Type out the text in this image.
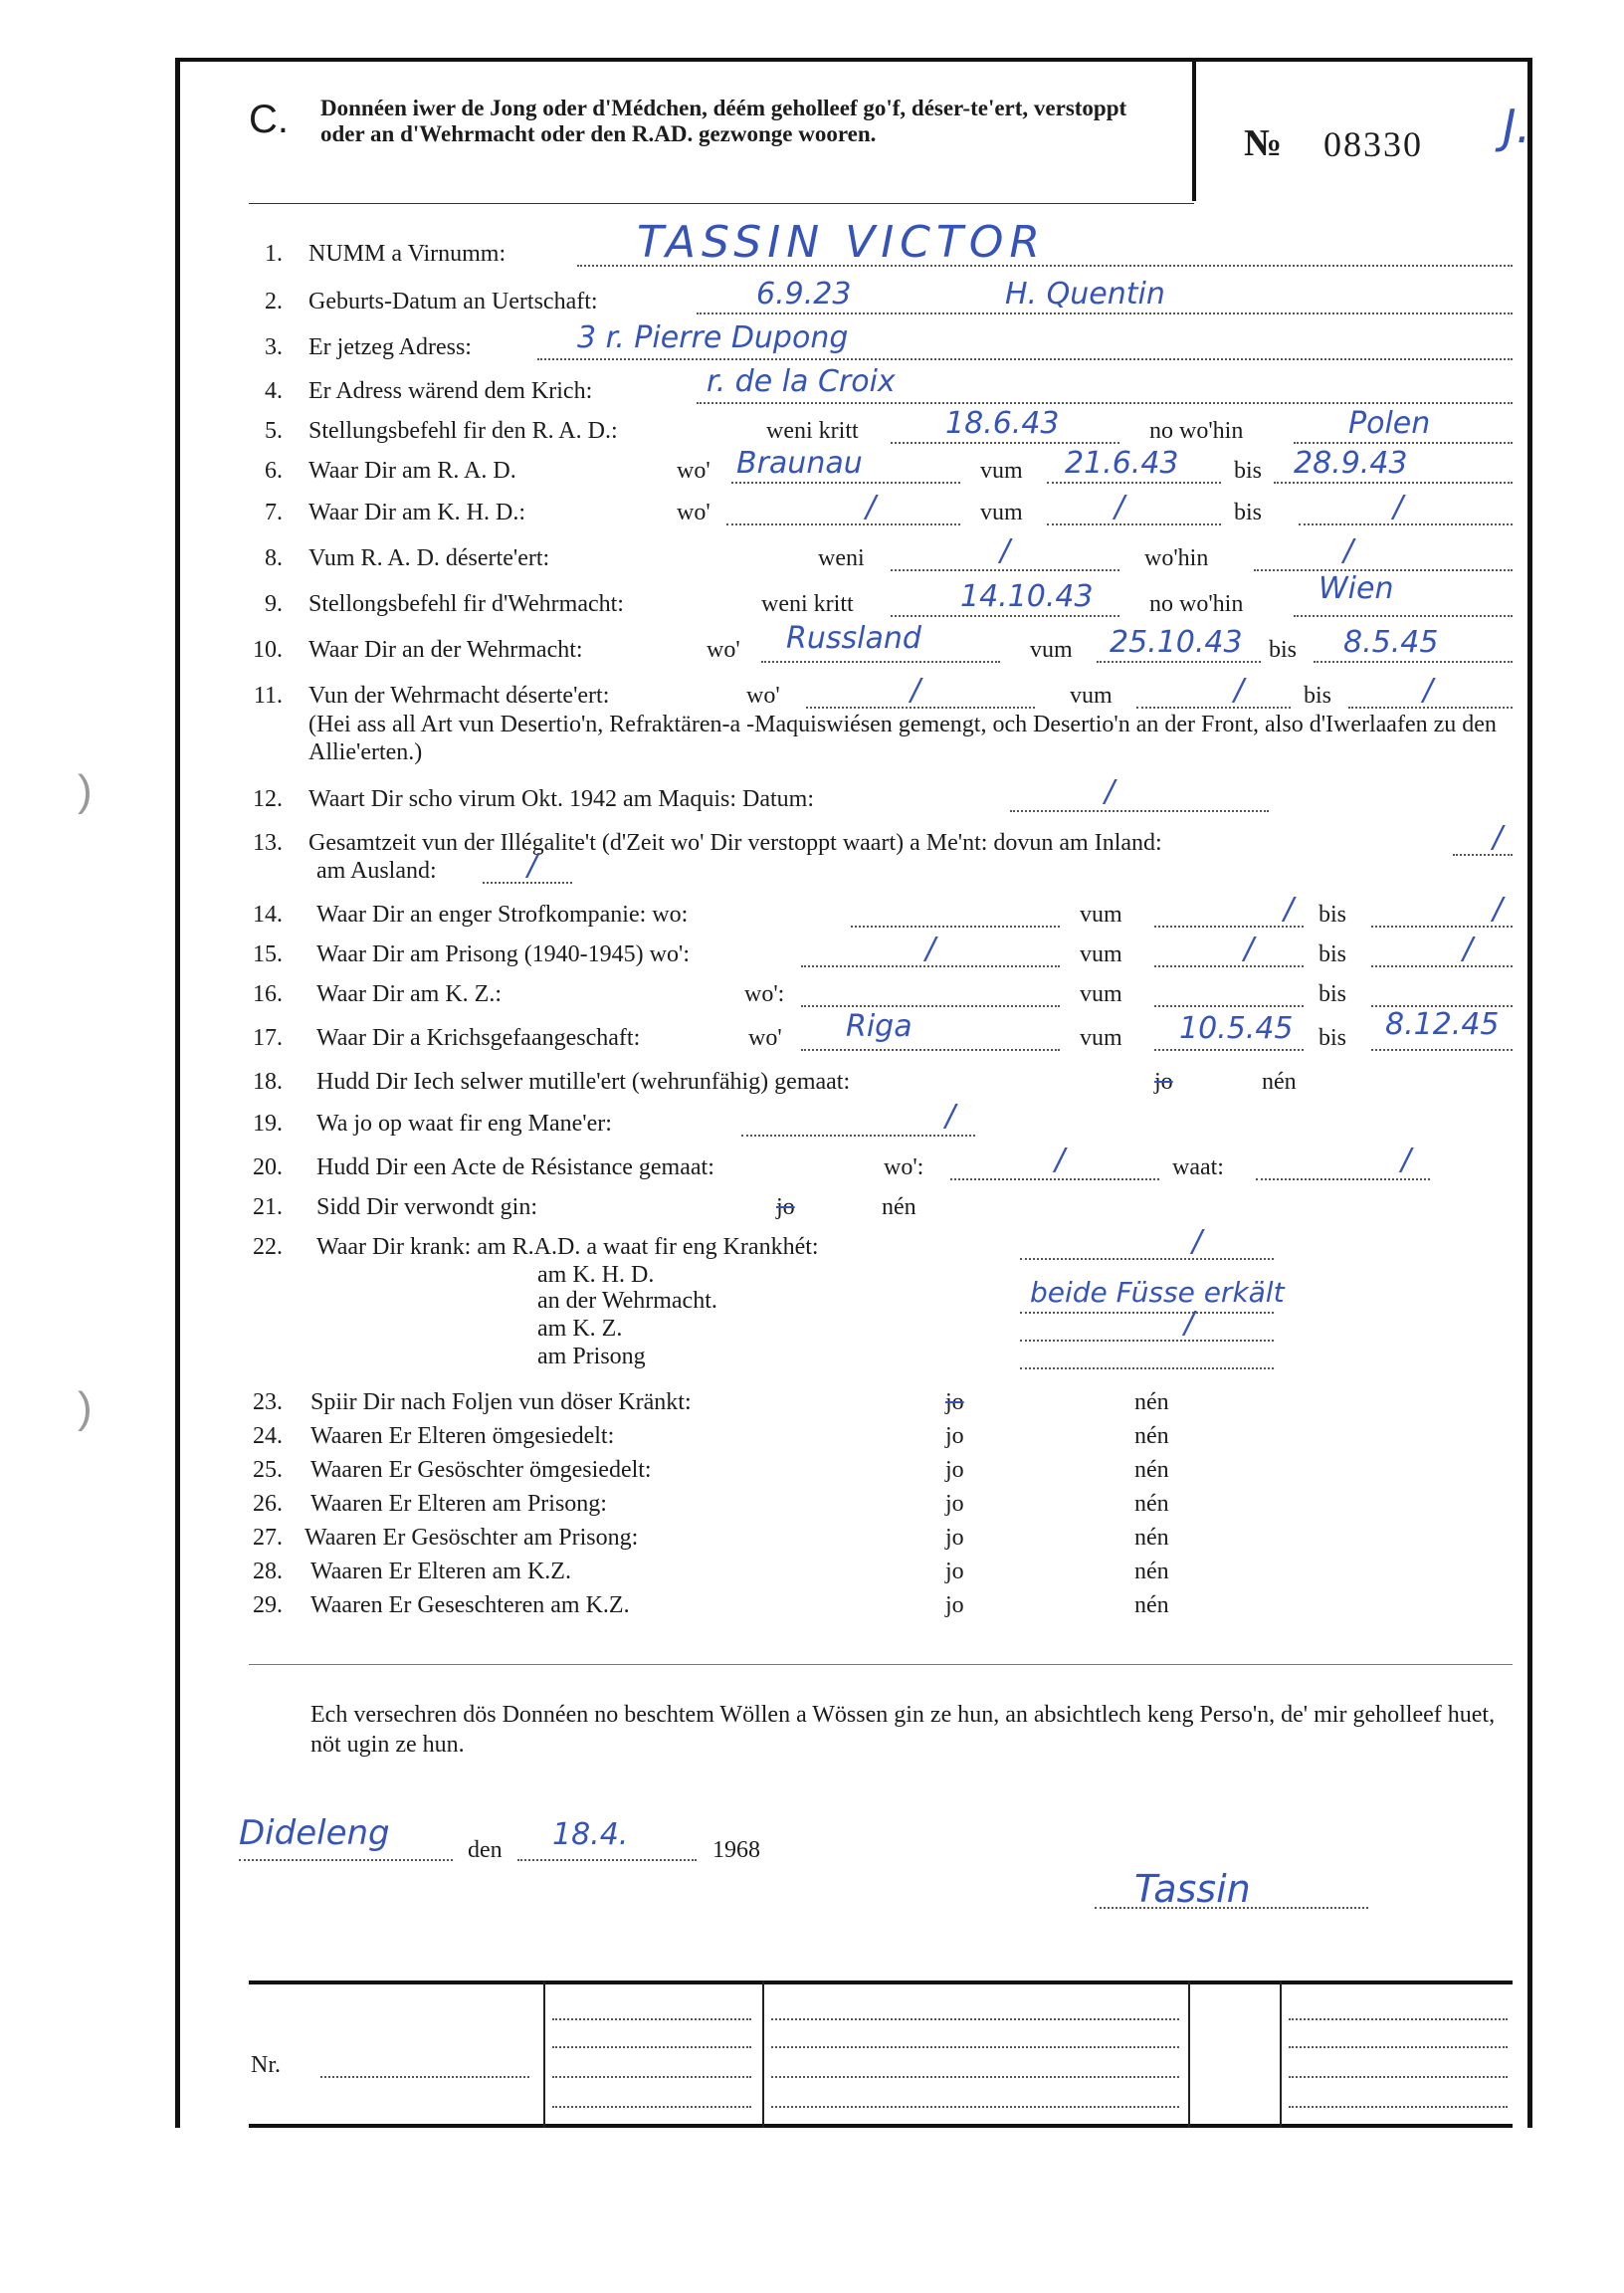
)
)
C. Donnéen iwer de Jong oder d'Médchen, déém geholleef go'f, déser-te'ert, verstoppt oder an d'Wehrmacht oder den R.AD. gezwonge wooren.	№ 08330 J.
1. NUMM a Virnumm:	TASSIN VICTOR
2. Geburts-Datum an Uertschaft:	6.9.23	H. Quentin
3. Er jetzeg Adress:	3 r. Pierre Dupong
4. Er Adress wärend dem Krich:	r. de la Croix
5. Stellungsbefehl fir den R. A. D.:	weni kritt	18.6.43	no wo'hin	Polen
6. Waar Dir am R. A. D.	wo' Braunau	vum 21.6.43 bis 28.9.43
7. Waar Dir am K. H. D.:	wo'	/	vum	/	bis	/
8. Vum R. A. D. déserte'ert:	weni	/	wo'hin	/
9. Stellongsbefehl fir d'Wehrmacht:	weni kritt	14.10.43 no wo'hin	Wien
10. Waar Dir an der Wehrmacht:	wo' Russland	vum 25.10.43 bis 8.5.45
11. Vun der Wehrmacht déserte'ert:	wo'	/	vum	/ bis	/
(Hei ass all Art vun Desertio'n, Refraktären-a -Maquiswiésen gemengt, och Desertio'n an der Front, also d'Iwerlaafen zu den Allie'erten.)
12. Waart Dir scho virum Okt. 1942 am Maquis: Datum:	/
13. Gesamtzeit vun der Illégalite't (d'Zeit wo' Dir verstoppt waart) a Me'nt: dovun am Inland:	/
am Ausland:	/
14. Waar Dir an enger Strofkompanie: wo:	vum	/ bis	/
15. Waar Dir am Prisong (1940-1945) wo':	/	vum	/	bis	/
16. Waar Dir am K. Z.:	wo':	vum	bis
17. Waar Dir a Krichsgefaangeschaft:	wo' Riga	vum 10.5.45 bis 8.12.45
18. Hudd Dir Iech selwer mutille'ert (wehrunfähig) gemaat:	jo	nén
19. Wa jo op waat fir eng Mane'er:	/
20. Hudd Dir een Acte de Résistance gemaat:	wo':	/	waat:	/
21. Sidd Dir verwondt gin:	jo	nén
22. Waar Dir krank: am R.A.D. a waat fir eng Krankhét:	/
am K. H. D.
an der Wehrmacht.	beide Füsse erkält
am K. Z.	/
am Prisong
23. Spiir Dir nach Foljen vun döser Kränkt:	jo	nén
24. Waaren Er Elteren ömgesiedelt:	jo	nén
25. Waaren Er Gesöschter ömgesiedelt:	jo	nén
26. Waaren Er Elteren am Prisong:	jo	nén
27. Waaren Er Gesöschter am Prisong:	jo	nén
28. Waaren Er Elteren am K.Z.	jo	nén
29. Waaren Er Geseschteren am K.Z.	jo	nén
Ech versechren dös Donnéen no beschtem Wöllen a Wössen gin ze hun, an absichtlech keng Perso'n, de' mir geholleef huet, nöt ugin ze hun.
Dideleng	den 18.4.	1968
Tassin
Nr.
